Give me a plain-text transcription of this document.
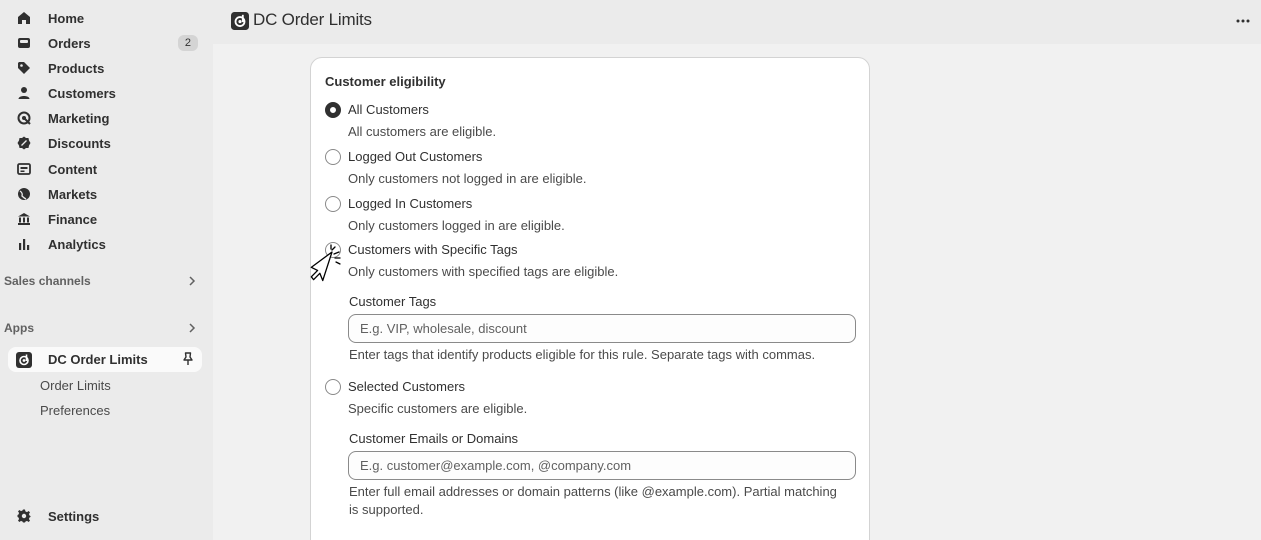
Home
Orders	2
Products
Customers
Marketing
Discounts
Content
Markets
Finance
Analytics
Sales channels
Apps
DC Order Limits
Order Limits
Preferences
Settings
DC Order Limits
Customer eligibility
All Customers
All customers are eligible.
Logged Out Customers
Only customers not logged in are eligible.
Logged In Customers
Only customers logged in are eligible.
Customers with Specific Tags
Only customers with specified tags are eligible.
Customer Tags
E.g. VIP, wholesale, discount
Enter tags that identify products eligible for this rule. Separate tags with commas.
Selected Customers
Specific customers are eligible.
Customer Emails or Domains
E.g. customer@example.com, @company.com
Enter full email addresses or domain patterns (like @example.com). Partial matching is supported.
